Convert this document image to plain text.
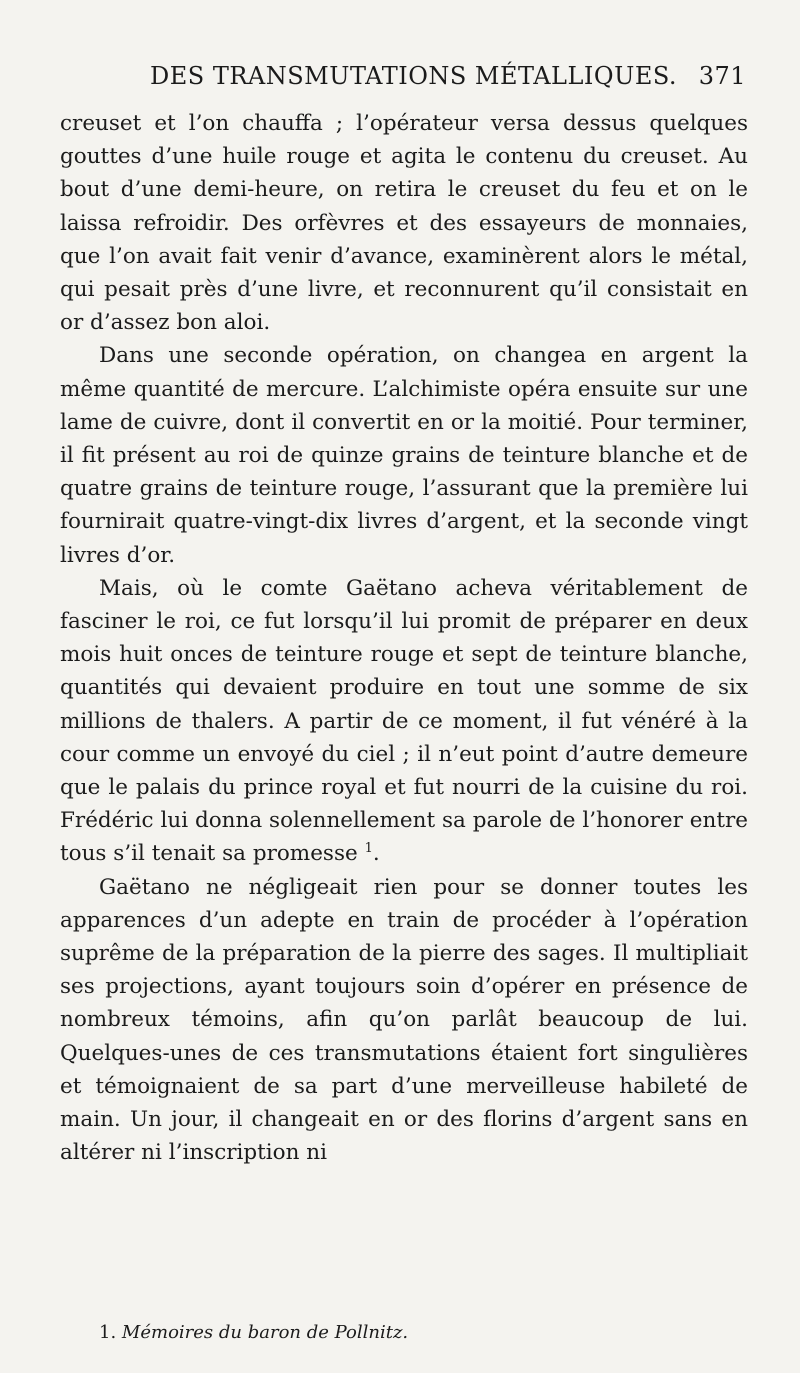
DES TRANSMUTATIONS MÉTALLIQUES. 371

creuset et l’on chauffa ; l’opérateur versa dessus quelques gouttes d’une huile rouge et agita le contenu du creuset. Au bout d’une demi-heure, on retira le creuset du feu et on le laissa refroidir. Des orfèvres et des essayeurs de monnaies, que l’on avait fait venir d’avance, examinèrent alors le métal, qui pesait près d’une livre, et reconnurent qu’il consistait en or d’assez bon aloi.

Dans une seconde opération, on changea en argent la même quantité de mercure. L’alchimiste opéra ensuite sur une lame de cuivre, dont il convertit en or la moitié. Pour terminer, il fit présent au roi de quinze grains de teinture blanche et de quatre grains de teinture rouge, l’assurant que la première lui fournirait quatre-vingt-dix livres d’argent, et la seconde vingt livres d’or.

Mais, où le comte Gaëtano acheva véritablement de fasciner le roi, ce fut lorsqu’il lui promit de préparer en deux mois huit onces de teinture rouge et sept de teinture blanche, quantités qui devaient produire en tout une somme de six millions de thalers. A partir de ce moment, il fut vénéré à la cour comme un envoyé du ciel ; il n’eut point d’autre demeure que le palais du prince royal et fut nourri de la cuisine du roi. Frédéric lui donna solennellement sa parole de l’honorer entre tous s’il tenait sa promesse $^1$.

Gaëtano ne négligeait rien pour se donner toutes les apparences d’un adepte en train de procéder à l’opération suprême de la préparation de la pierre des sages. Il multipliait ses projections, ayant toujours soin d’opérer en présence de nombreux témoins, afin qu’on parlât beaucoup de lui. Quelques-unes de ces transmutations étaient fort singulières et témoignaient de sa part d’une merveilleuse habileté de main. Un jour, il changeait en or des florins d’argent sans en altérer ni l’inscription ni

1. Mémoires du baron de Pollnitz.
